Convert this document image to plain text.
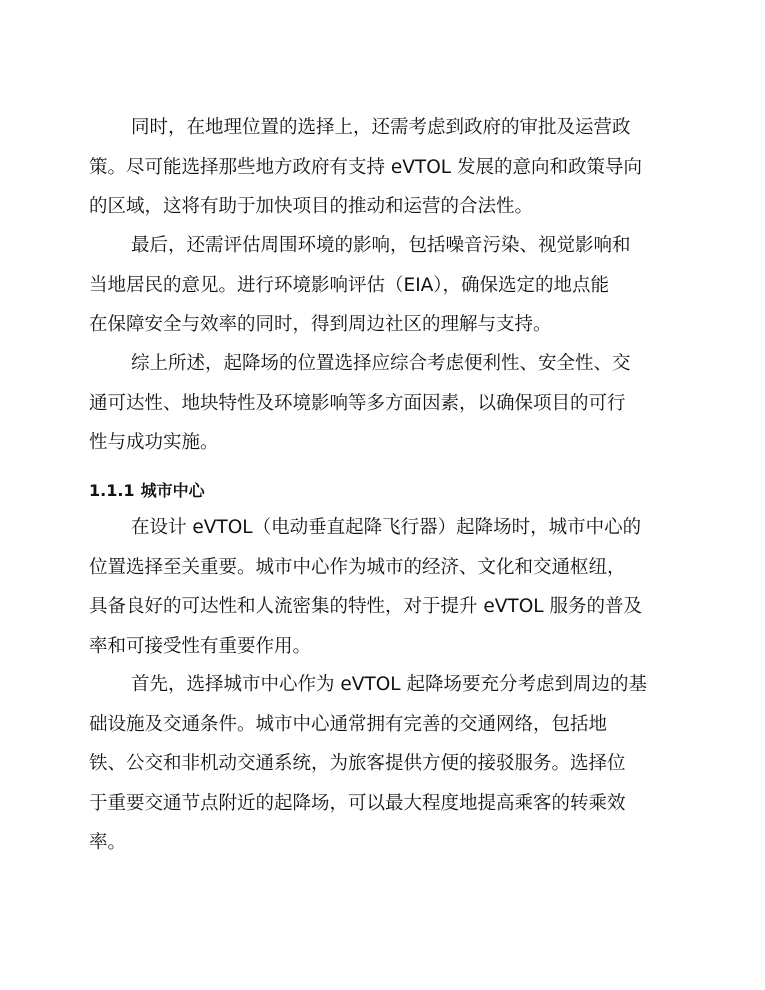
同时，在地理位置的选择上，还需考虑到政府的审批及运营政
策。尽可能选择那些地方政府有支持 eVTOL 发展的意向和政策导向
的区域，这将有助于加快项目的推动和运营的合法性。

最后，还需评估周围环境的影响，包括噪音污染、视觉影响和
当地居民的意见。进行环境影响评估（EIA），确保选定的地点能
在保障安全与效率的同时，得到周边社区的理解与支持。

综上所述，起降场的位置选择应综合考虑便利性、安全性、交
通可达性、地块特性及环境影响等多方面因素，以确保项目的可行
性与成功实施。

1.1.1 城市中心

在设计 eVTOL（电动垂直起降飞行器）起降场时，城市中心的
位置选择至关重要。城市中心作为城市的经济、文化和交通枢纽，
具备良好的可达性和人流密集的特性，对于提升 eVTOL 服务的普及
率和可接受性有重要作用。

首先，选择城市中心作为 eVTOL 起降场要充分考虑到周边的基
础设施及交通条件。城市中心通常拥有完善的交通网络，包括地
铁、公交和非机动交通系统，为旅客提供方便的接驳服务。选择位
于重要交通节点附近的起降场，可以最大程度地提高乘客的转乘效
率。
